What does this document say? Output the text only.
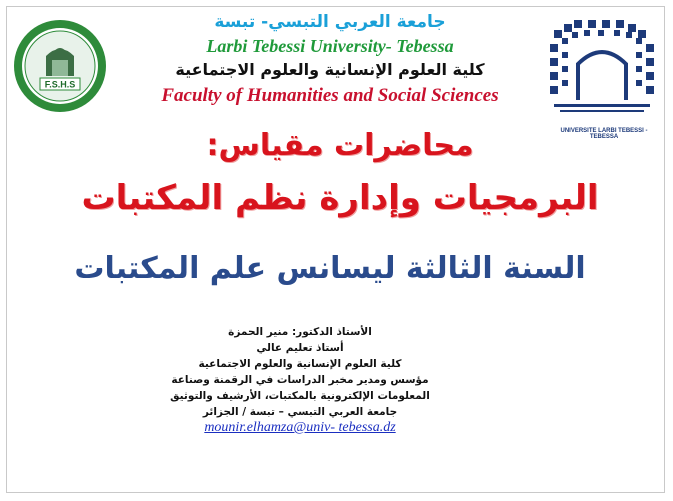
F.S.H.S
UNIVERSITE LARBI TEBESSI - TEBESSA
جامعة العربي التبسي- تبسة
Larbi Tebessi University- Tebessa
كلية العلوم الإنسانية والعلوم الاجتماعية
Faculty of Humanities and Social Sciences
محاضرات مقياس:
البرمجيات وإدارة نظم المكتبات
السنة الثالثة ليسانس علم المكتبات
الأستاذ الدكتور: منير الحمزة
أستاذ تعليم عالي
كلية العلوم الإنسانية والعلوم الاجتماعية
مؤسس ومدير مخبر الدراسات في الرقمنة وصناعة
المعلومات الإلكترونية بالمكتبات، الأرشيف والتوثيق
جامعة العربي التبسي – تبسة / الجزائر
mounir.elhamza@univ- tebessa.dz
